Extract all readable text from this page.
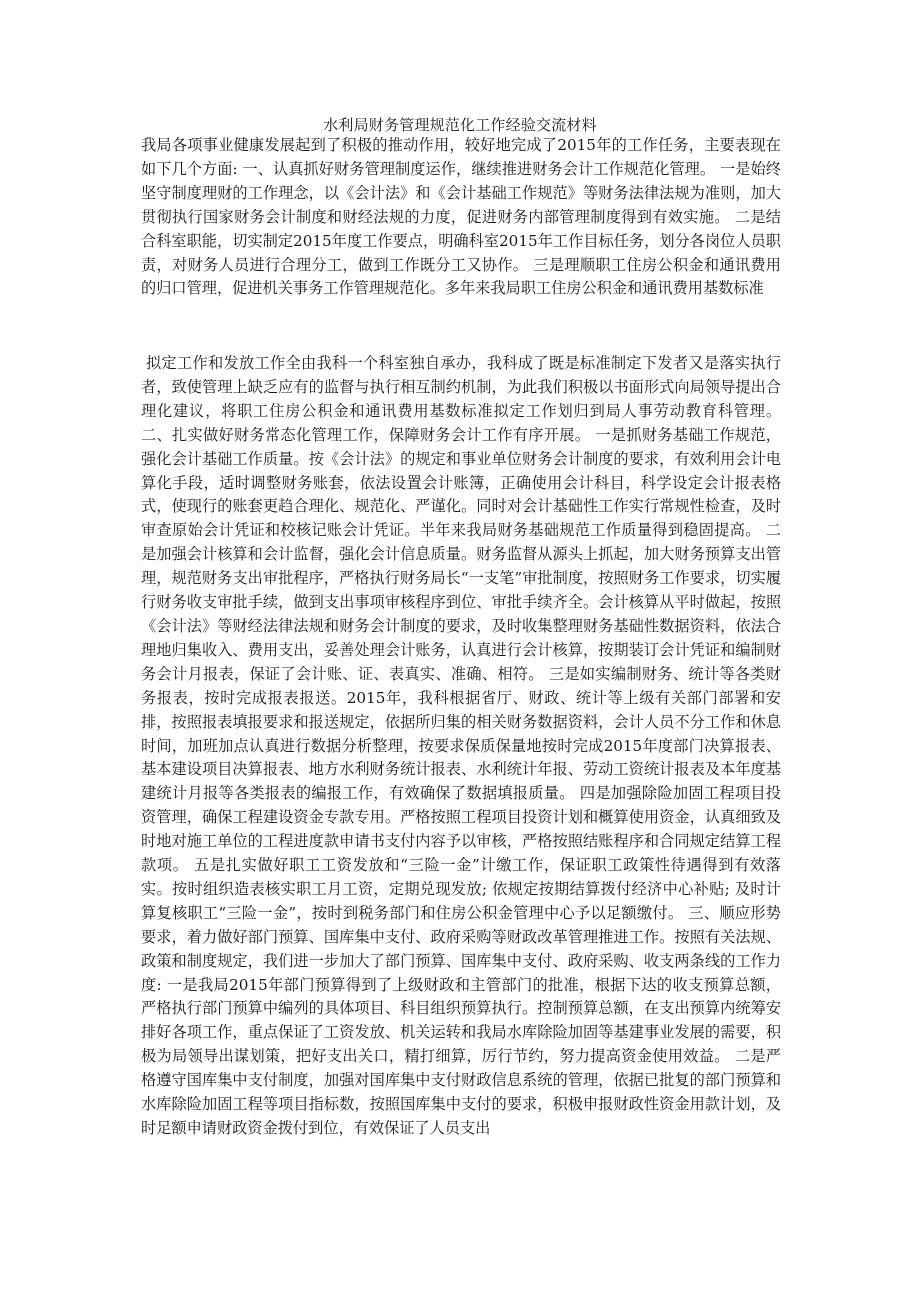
水利局财务管理规范化工作经验交流材料

我局各项事业健康发展起到了积极的推动作用，较好地完成了2015年的工作任务，主要表现在如下几个方面: 一、认真抓好财务管理制度运作，继续推进财务会计工作规范化管理。 一是始终坚守制度理财的工作理念，以《会计法》和《会计基础工作规范》等财务法律法规为准则，加大贯彻执行国家财务会计制度和财经法规的力度，促进财务内部管理制度得到有效实施。 二是结合科室职能，切实制定2015年度工作要点，明确科室2015年工作目标任务，划分各岗位人员职责，对财务人员进行合理分工，做到工作既分工又协作。 三是理顺职工住房公积金和通讯费用的归口管理，促进机关事务工作管理规范化。多年来我局职工住房公积金和通讯费用基数标准

拟定工作和发放工作全由我科一个科室独自承办，我科成了既是标准制定下发者又是落实执行者，致使管理上缺乏应有的监督与执行相互制约机制，为此我们积极以书面形式向局领导提出合理化建议，将职工住房公积金和通讯费用基数标准拟定工作划归到局人事劳动教育科管理。 二、扎实做好财务常态化管理工作，保障财务会计工作有序开展。 一是抓财务基础工作规范，强化会计基础工作质量。按《会计法》的规定和事业单位财务会计制度的要求，有效利用会计电算化手段，适时调整财务账套，依法设置会计账簿，正确使用会计科目，科学设定会计报表格式，使现行的账套更趋合理化、规范化、严谨化。同时对会计基础性工作实行常规性检查，及时审查原始会计凭证和校核记账会计凭证。半年来我局财务基础规范工作质量得到稳固提高。 二是加强会计核算和会计监督，强化会计信息质量。财务监督从源头上抓起，加大财务预算支出管理，规范财务支出审批程序，严格执行财务局长“一支笔”审批制度，按照财务工作要求，切实履行财务收支审批手续，做到支出事项审核程序到位、审批手续齐全。会计核算从平时做起，按照《会计法》等财经法律法规和财务会计制度的要求，及时收集整理财务基础性数据资料，依法合理地归集收入、费用支出，妥善处理会计账务，认真进行会计核算，按期装订会计凭证和编制财务会计月报表，保证了会计账、证、表真实、准确、相符。 三是如实编制财务、统计等各类财务报表，按时完成报表报送。2015年，我科根据省厅、财政、统计等上级有关部门部署和安排，按照报表填报要求和报送规定，依据所归集的相关财务数据资料，会计人员不分工作和休息时间，加班加点认真进行数据分析整理，按要求保质保量地按时完成2015年度部门决算报表、基本建设项目决算报表、地方水利财务统计报表、水利统计年报、劳动工资统计报表及本年度基建统计月报等各类报表的编报工作，有效确保了数据填报质量。 四是加强除险加固工程项目投资管理，确保工程建设资金专款专用。严格按照工程项目投资计划和概算使用资金，认真细致及时地对施工单位的工程进度款申请书支付内容予以审核，严格按照结账程序和合同规定结算工程款项。 五是扎实做好职工工资发放和“三险一金”计缴工作，保证职工政策性待遇得到有效落实。按时组织造表核实职工月工资，定期兑现发放; 依规定按期结算拨付经济中心补贴; 及时计算复核职工“三险一金”，按时到税务部门和住房公积金管理中心予以足额缴付。 三、顺应形势要求，着力做好部门预算、国库集中支付、政府采购等财政改革管理推进工作。按照有关法规、政策和制度规定，我们进一步加大了部门预算、国库集中支付、政府采购、收支两条线的工作力度: 一是我局2015年部门预算得到了上级财政和主管部门的批准，根据下达的收支预算总额，严格执行部门预算中编列的具体项目、科目组织预算执行。控制预算总额，在支出预算内统筹安排好各项工作，重点保证了工资发放、机关运转和我局水库除险加固等基建事业发展的需要，积极为局领导出谋划策，把好支出关口，精打细算，厉行节约，努力提高资金使用效益。 二是严格遵守国库集中支付制度，加强对国库集中支付财政信息系统的管理，依据已批复的部门预算和水库除险加固工程等项目指标数，按照国库集中支付的要求，积极申报财政性资金用款计划，及时足额申请财政资金拨付到位，有效保证了人员支出
